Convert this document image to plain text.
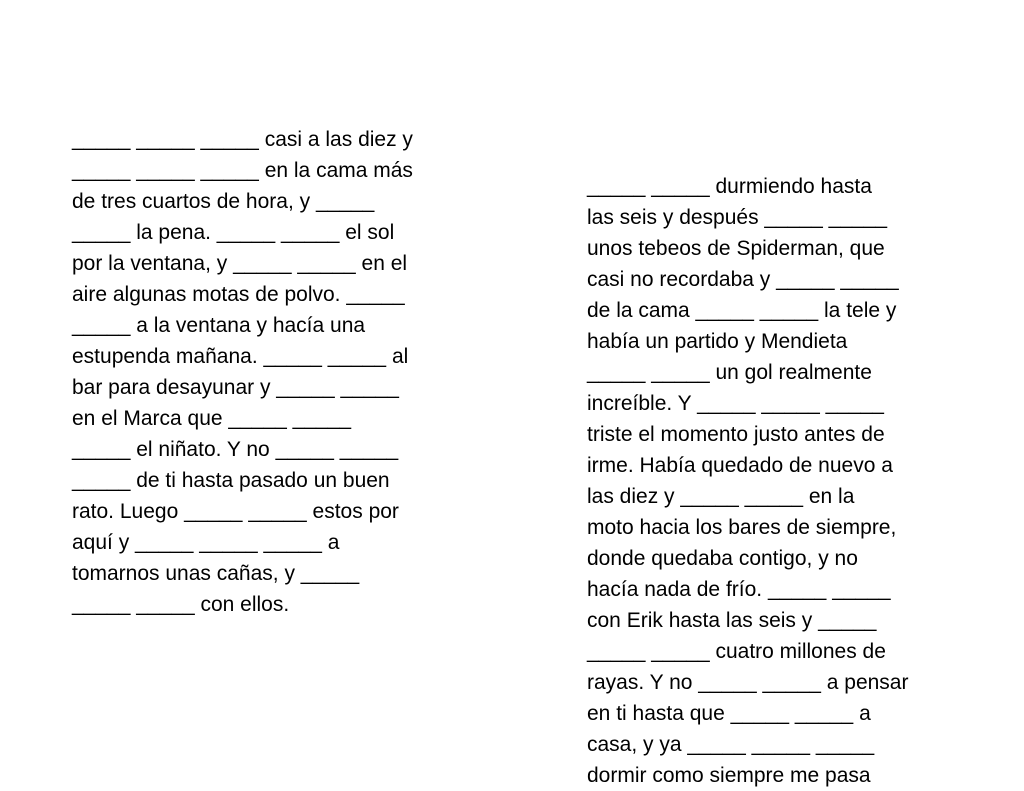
_____ _____ _____ casi a las diez y
_____ _____ _____ en la cama más
de tres cuartos de hora, y _____
_____ la pena. _____ _____ el sol
por la ventana, y _____ _____ en el
aire algunas motas de polvo. _____
_____ a la ventana y hacía una
estupenda mañana. _____ _____ al
bar para desayunar y _____ _____
en el Marca que _____ _____
_____ el niñato. Y no _____ _____
_____ de ti hasta pasado un buen
rato. Luego _____ _____ estos por
aquí y _____ _____ _____ a
tomarnos unas cañas, y _____
_____ _____ con ellos.

_____ _____ durmiendo hasta
las seis y después _____ _____
unos tebeos de Spiderman, que
casi no recordaba y _____ _____
de la cama _____ _____ la tele y
había un partido y Mendieta
_____ _____ un gol realmente
increíble. Y _____ _____ _____
triste el momento justo antes de
irme. Había quedado de nuevo a
las diez y _____ _____ en la
moto hacia los bares de siempre,
donde quedaba contigo, y no
hacía nada de frío. _____ _____
con Erik hasta las seis y _____
_____ _____ cuatro millones de
rayas. Y no _____ _____ a pensar
en ti hasta que _____ _____ a
casa, y ya _____ _____ _____
dormir como siempre me pasa
